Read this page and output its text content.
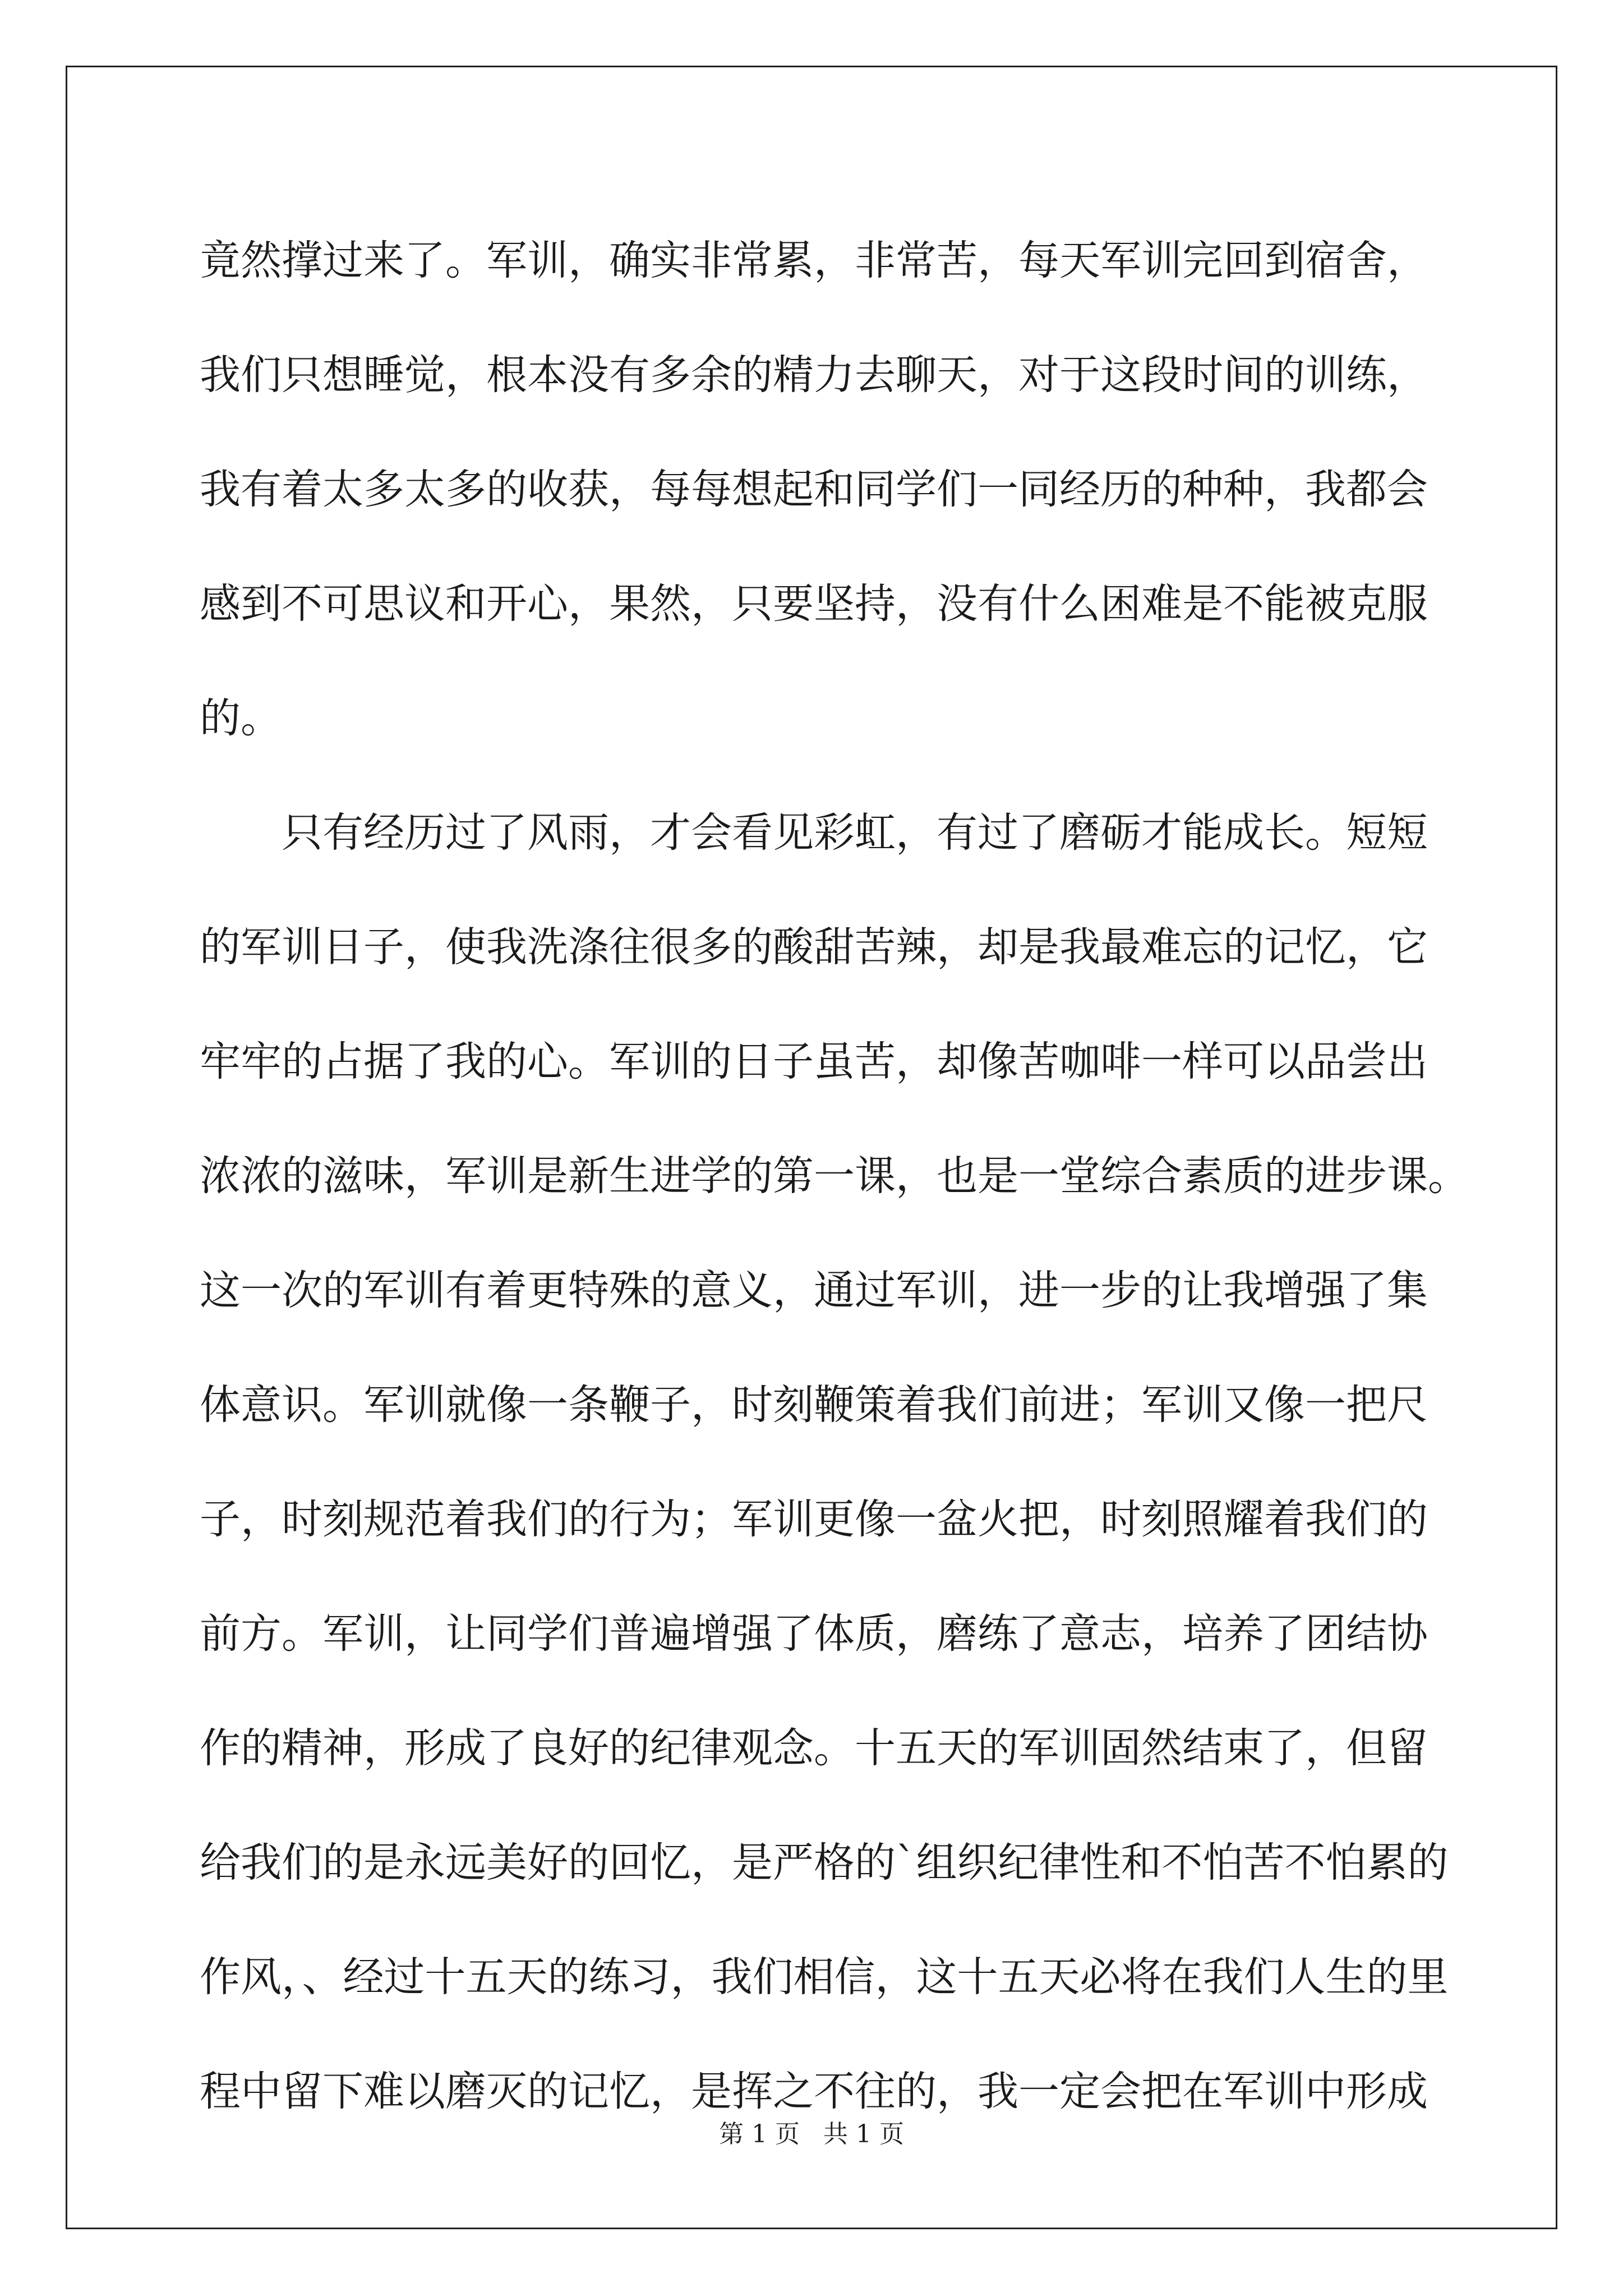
竟然撑过来了。军训，确实非常累，非常苦，每天军训完回到宿舍，
我们只想睡觉，根本没有多余的精力去聊天，对于这段时间的训练，
我有着太多太多的收获，每每想起和同学们一同经历的种种，我都会
感到不可思议和开心，果然，只要坚持，没有什么困难是不能被克服
的。
只有经历过了风雨，才会看见彩虹，有过了磨砺才能成长。短短
的军训日子，使我洗涤往很多的酸甜苦辣，却是我最难忘的记忆，它
牢牢的占据了我的心。军训的日子虽苦，却像苦咖啡一样可以品尝出
浓浓的滋味，军训是新生进学的第一课，也是一堂综合素质的进步课。
这一次的军训有着更特殊的意义，通过军训，进一步的让我增强了集
体意识。军训就像一条鞭子，时刻鞭策着我们前进；军训又像一把尺
子，时刻规范着我们的行为；军训更像一盆火把，时刻照耀着我们的
前方。军训，让同学们普遍增强了体质，磨练了意志，培养了团结协
作的精神，形成了良好的纪律观念。十五天的军训固然结束了，但留
给我们的是永远美好的回忆，是严格的`组织纪律性和不怕苦不怕累的
作风，、经过十五天的练习，我们相信，这十五天必将在我们人生的里
程中留下难以磨灭的记忆，是挥之不往的，我一定会把在军训中形成
第 1 页   共 1 页
